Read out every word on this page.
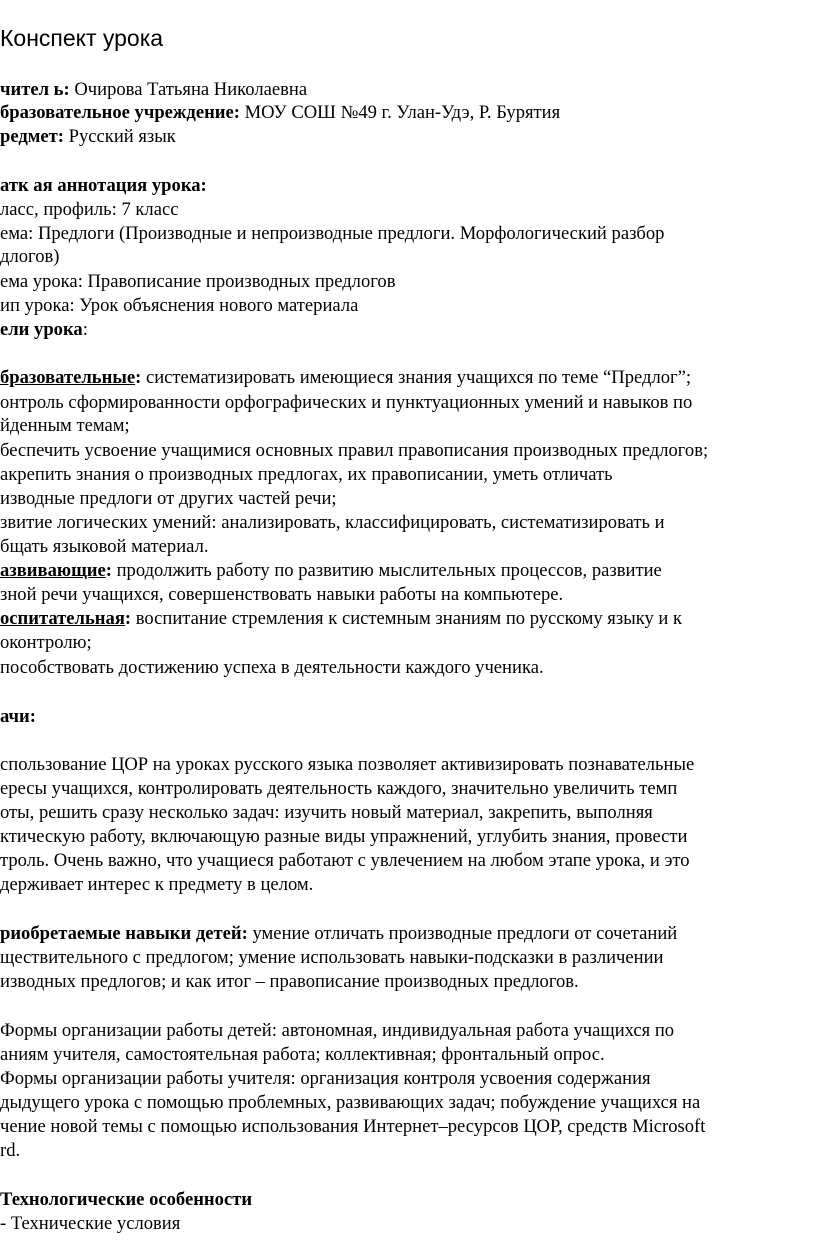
Конспект урока
чител ь: Очирова Татьяна Николаевна
бразовательное учреждение: МОУ СОШ №49 г. Улан-Удэ, Р. Бурятия
редмет: Русский язык
атк ая аннотация урока:
ласс, профиль: 7 класс
ема: Предлоги (Производные и непроизводные предлоги. Морфологический разбор
длогов)
ема урока: Правописание производных предлогов
ип урока: Урок объяснения нового материала
ели урока:
бразовательные: систематизировать имеющиеся знания учащихся по теме “Предлог”;
онтроль сформированности орфографических и пунктуационных умений и навыков по
йденным темам;
беспечить усвоение учащимися основных правил правописания производных предлогов;
акрепить знания о производных предлогах, их правописании, уметь отличать
изводные предлоги от других частей речи;
звитие логических умений: анализировать, классифицировать, систематизировать и
бщать языковой материал.
азвивающие: продолжить работу по развитию мыслительных процессов, развитие
зной речи учащихся, совершенствовать навыки работы на компьютере.
оспитательная: воспитание стремления к системным знаниям по русскому языку и к
оконтролю;
пособствовать достижению успеха в деятельности каждого ученика.
ачи:
спользование ЦОР на уроках русского языка позволяет активизировать познавательные
ересы учащихся, контролировать деятельность каждого, значительно увеличить темп
оты, решить сразу несколько задач: изучить новый материал, закрепить, выполняя
ктическую работу, включающую разные виды упражнений, углубить знания, провести
троль. Очень важно, что учащиеся работают с увлечением на любом этапе урока, и это
держивает интерес к предмету в целом.
риобретаемые навыки детей: умение отличать производные предлоги от сочетаний
ществительного с предлогом; умение использовать навыки-подсказки в различении
изводных предлогов; и как итог – правописание производных предлогов.
Формы организации работы детей: автономная, индивидуальная работа учащихся по
аниям учителя, самостоятельная работа; коллективная; фронтальный опрос.
Формы организации работы учителя: организация контроля усвоения содержания
дыдущего урока с помощью проблемных, развивающих задач; побуждение учащихся на
чение новой темы с помощью использования Интернет–ресурсов ЦОР, средств Microsoft
rd.
Технологические особенности
- Технические условия
